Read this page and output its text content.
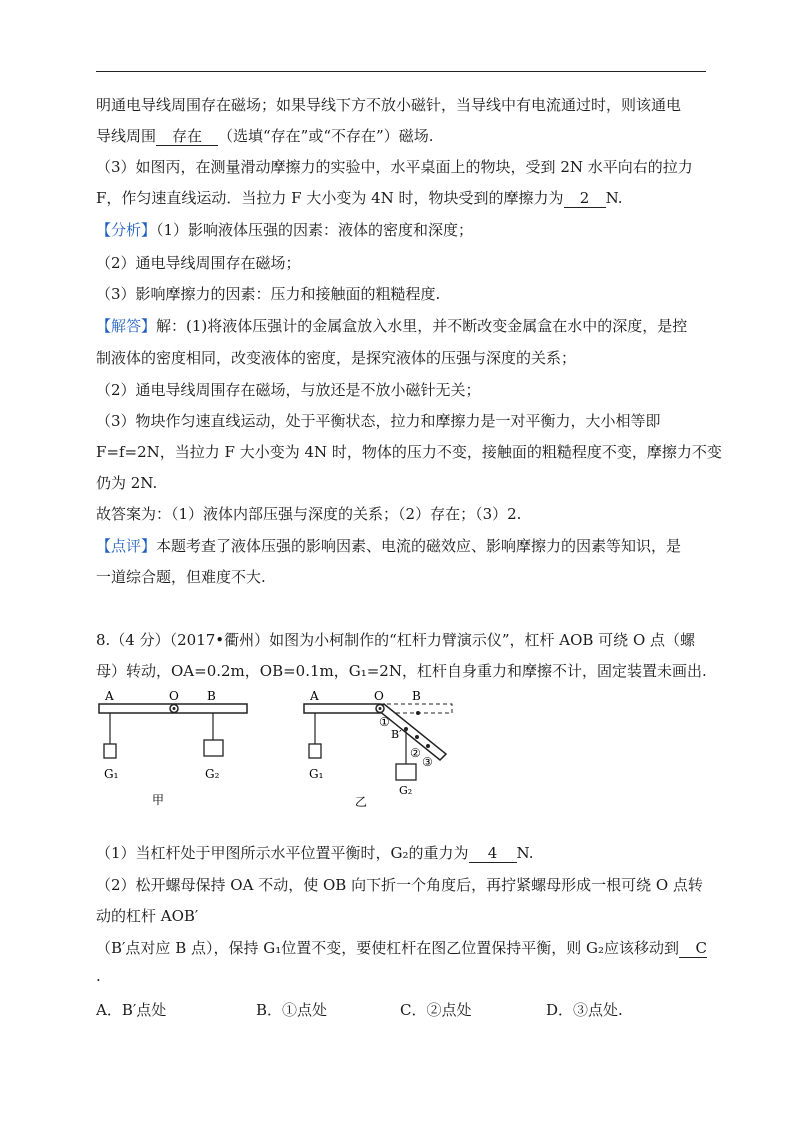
明通电导线周围存在磁场；如果导线下方不放小磁针，当导线中有电流通过时，则该通电
导线周围 存在 （选填“存在”或“不存在”）磁场.
（3）如图丙，在测量滑动摩擦力的实验中，水平桌面上的物块，受到 2N 水平向右的拉力
F，作匀速直线运动．当拉力 F 大小变为 4N 时，物块受到的摩擦力为 2 N.
【分析】（1）影响液体压强的因素：液体的密度和深度；
（2）通电导线周围存在磁场；
（3）影响摩擦力的因素：压力和接触面的粗糙程度.
【解答】解：(1)将液体压强计的金属盒放入水里，并不断改变金属盒在水中的深度，是控
制液体的密度相同，改变液体的密度，是探究液体的压强与深度的关系；
（2）通电导线周围存在磁场，与放还是不放小磁针无关；
（3）物块作匀速直线运动，处于平衡状态，拉力和摩擦力是一对平衡力，大小相等即
F=f=2N，当拉力 F 大小变为 4N 时，物体的压力不变，接触面的粗糙程度不变，摩擦力不变
仍为 2N.
故答案为：（1）液体内部压强与深度的关系；（2）存在；（3）2.
【点评】本题考查了液体压强的影响因素、电流的磁效应、影响摩擦力的因素等知识，是
一道综合题，但难度不大.
8.（4 分）（2017•衢州）如图为小柯制作的“杠杆力臂演示仪”，杠杆 AOB 可绕 O 点（螺
母）转动，OA=0.2m，OB=0.1m，G₁=2N，杠杆自身重力和摩擦不计，固定装置未画出.
A	O B
G₁	G₂
甲
A	O B
B′
①
②
③
G₁
G₂
乙
（1）当杠杆处于甲图所示水平位置平衡时，G₂的重力为 4 N.
（2）松开螺母保持 OA 不动，使 OB 向下折一个角度后，再拧紧螺母形成一根可绕 O 点转
动的杠杆 AOB′
（B′点对应 B 点），保持 G₁位置不变，要使杠杆在图乙位置保持平衡，则 G₂应该移动到 C
.
A．B′点处	B．①点处	C．②点处	D．③点处.
